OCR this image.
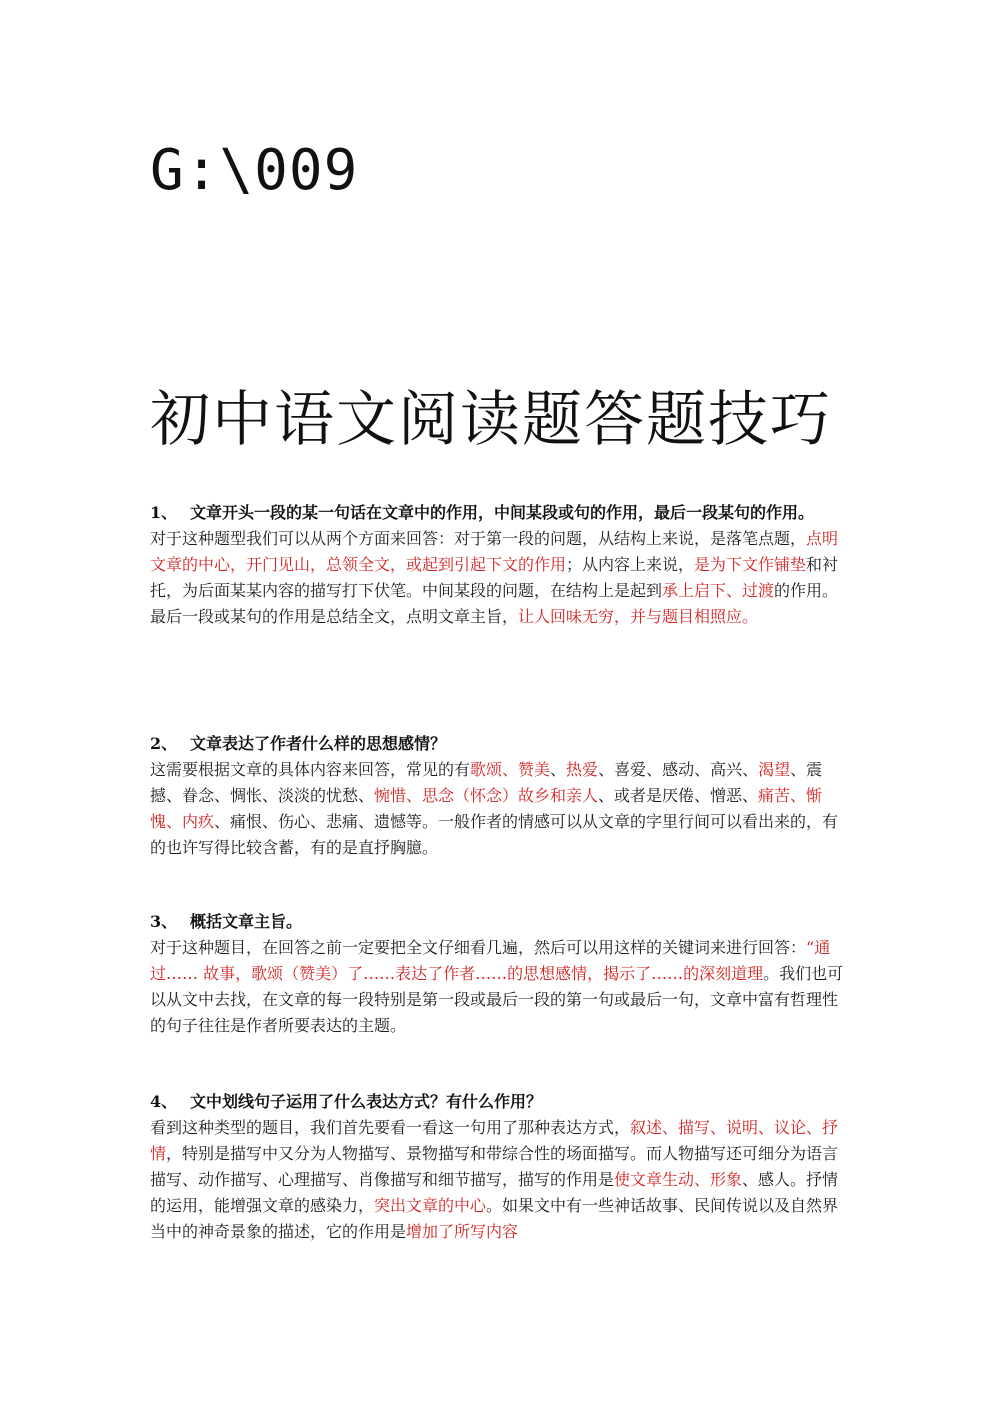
G:\009
初中语文阅读题答题技巧
1、 文章开头一段的某一句话在文章中的作用，中间某段或句的作用，最后一段某句的作用。

对于这种题型我们可以从两个方面来回答：对于第一段的问题，从结构上来说，是落笔点题，点明文章的中心，开门见山，总领全文，或起到引起下文的作用；从内容上来说，是为下文作铺垫和衬托，为后面某某内容的描写打下伏笔。中间某段的问题，在结构上是起到承上启下、过渡的作用。最后一段或某句的作用是总结全文，点明文章主旨，让人回味无穷，并与题目相照应。

2、 文章表达了作者什么样的思想感情？

这需要根据文章的具体内容来回答，常见的有歌颂、赞美、热爱、喜爱、感动、高兴、渴望、震撼、眷念、惆怅、淡淡的忧愁、惋惜、思念（怀念）故乡和亲人、或者是厌倦、憎恶、痛苦、惭愧、内疚、痛恨、伤心、悲痛、遗憾等。一般作者的情感可以从文章的字里行间可以看出来的，有的也许写得比较含蓄，有的是直抒胸臆。

3、 概括文章主旨。

对于这种题目，在回答之前一定要把全文仔细看几遍，然后可以用这样的关键词来进行回答：“通过…… 故事，歌颂（赞美）了……表达了作者……的思想感情，揭示了……的深刻道理。我们也可以从文中去找，在文章的每一段特别是第一段或最后一段的第一句或最后一句，文章中富有哲理性的句子往往是作者所要表达的主题。

4、 文中划线句子运用了什么表达方式？有什么作用？

看到这种类型的题目，我们首先要看一看这一句用了那种表达方式，叙述、描写、说明、议论、抒情，特别是描写中又分为人物描写、景物描写和带综合性的场面描写。而人物描写还可细分为语言描写、动作描写、心理描写、肖像描写和细节描写，描写的作用是使文章生动、形象、感人。抒情的运用，能增强文章的感染力，突出文章的中心。如果文中有一些神话故事、民间传说以及自然界当中的神奇景象的描述，它的作用是增加了所写内容
